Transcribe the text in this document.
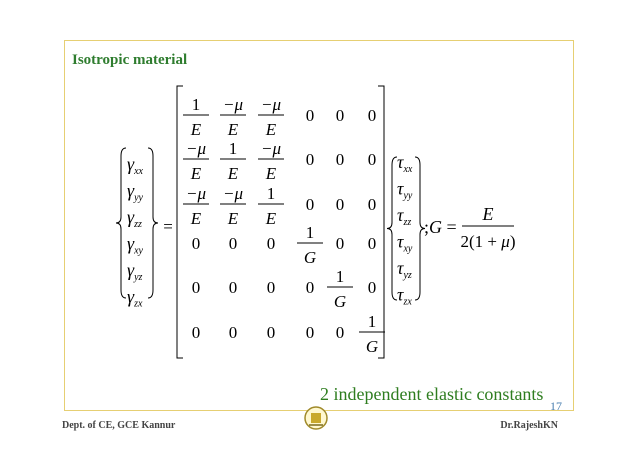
Isotropic material
$\gamma_{xx}$
$\gamma_{yy}$
$\gamma_{zz}$
$\gamma_{xy}$
$\gamma_{yz}$
$\gamma_{zx}$
=
1
E
−μ
E
−μ
E
0 0 0
−μ
E
1
E
−μ
E
0 0 0
−μ
E
−μ
E
1
E
0 0 0
0 0 0
1
G
0 0
0 0 0 0
1
G
0
0 0 0 0 0
1
G
$\tau_{xx}$
$\tau_{yy}$
$\tau_{zz}$
$\tau_{xy}$
$\tau_{yz}$
$\tau_{zx}$
;G =
E
2(1 + μ)
2 independent elastic constants
17
Dept. of CE, GCE Kannur	Dr.RajeshKN
